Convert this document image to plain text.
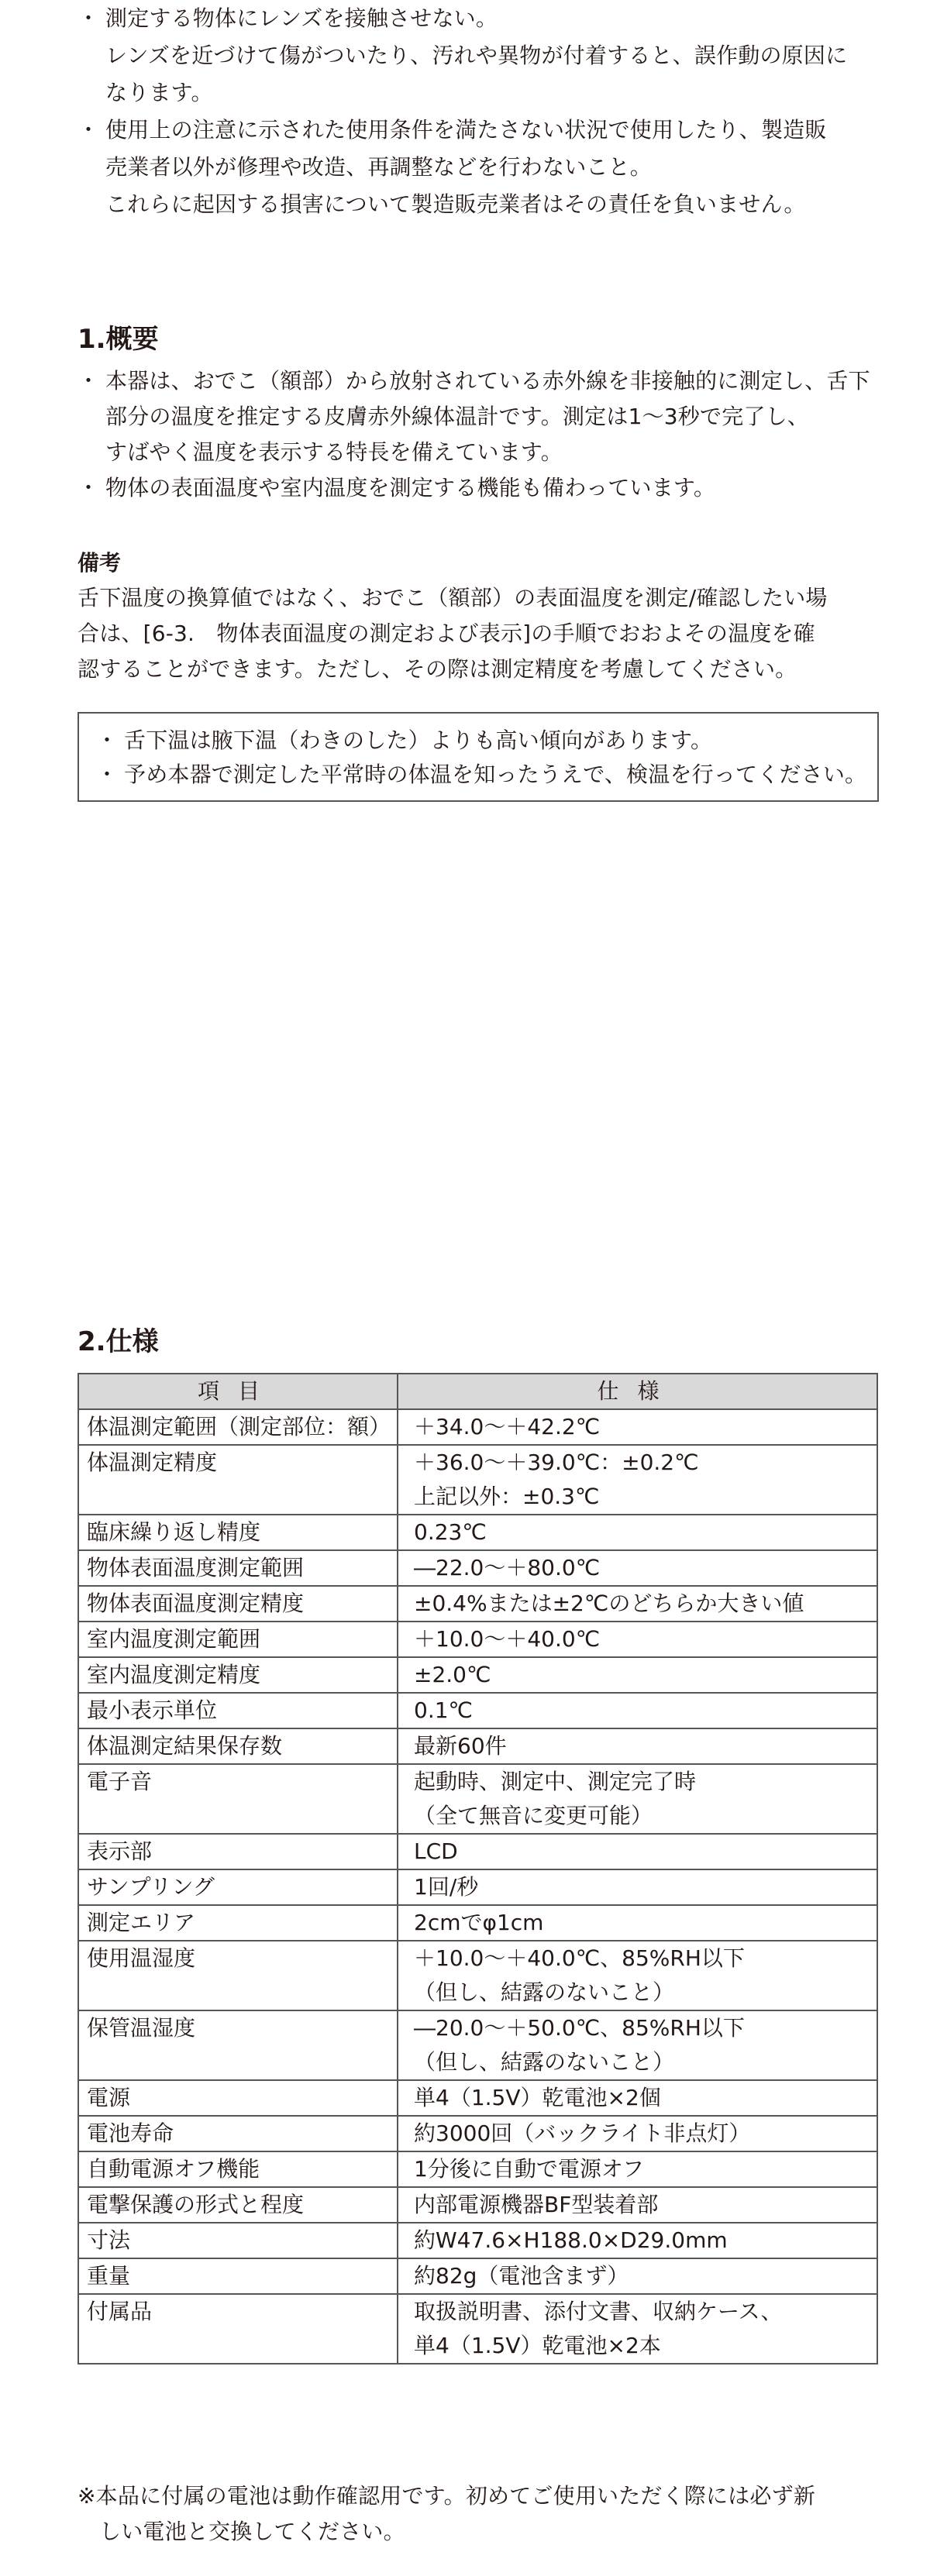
・ 測定する物体にレンズを接触させない。
レンズを近づけて傷がついたり、汚れや異物が付着すると、誤作動の原因に
なります。
・ 使用上の注意に示された使用条件を満たさない状況で使用したり、製造販
売業者以外が修理や改造、再調整などを行わないこと。
これらに起因する損害について製造販売業者はその責任を負いません。
1.概要
・ 本器は、おでこ（額部）から放射されている赤外線を非接触的に測定し、舌下
部分の温度を推定する皮膚赤外線体温計です。測定は1～3秒で完了し、
すばやく温度を表示する特長を備えています。
・ 物体の表面温度や室内温度を測定する機能も備わっています。
備考
舌下温度の換算値ではなく、おでこ（額部）の表面温度を測定/確認したい場
合は、[6-3.　物体表面温度の測定および表示]の手順でおおよその温度を確
認することができます。ただし、その際は測定精度を考慮してください。
・ 舌下温は腋下温（わきのした）よりも高い傾向があります。
・ 予め本器で測定した平常時の体温を知ったうえで、検温を行ってください。
2.仕様
項目	仕様
体温測定範囲（測定部位：額）	＋34.0～＋42.2℃

体温測定精度	＋36.0～＋39.0℃：±0.2℃
上記以外：±0.3℃

臨床繰り返し精度	0.23℃

物体表面温度測定範囲	―22.0～＋80.0℃

物体表面温度測定精度	±0.4%または±2℃のどちらか大きい値

室内温度測定範囲	＋10.0～＋40.0℃

室内温度測定精度	±2.0℃

最小表示単位	0.1℃

体温測定結果保存数	最新60件

電子音	起動時、測定中、測定完了時
（全て無音に変更可能）

表示部	LCD

サンプリング	1回/秒

測定エリア	2cmでφ1cm

使用温湿度	＋10.0～＋40.0℃、85%RH以下
（但し、結露のないこと）

保管温湿度	―20.0～＋50.0℃、85%RH以下
（但し、結露のないこと）

電源	単4（1.5V）乾電池×2個

電池寿命	約3000回（バックライト非点灯）

自動電源オフ機能	1分後に自動で電源オフ

電撃保護の形式と程度	内部電源機器BF型装着部

寸法	約W47.6×H188.0×D29.0mm

重量	約82g（電池含まず）

付属品	取扱説明書、添付文書、収納ケース、
単4（1.5V）乾電池×2本
※本品に付属の電池は動作確認用です。初めてご使用いただく際には必ず新
しい電池と交換してください。
